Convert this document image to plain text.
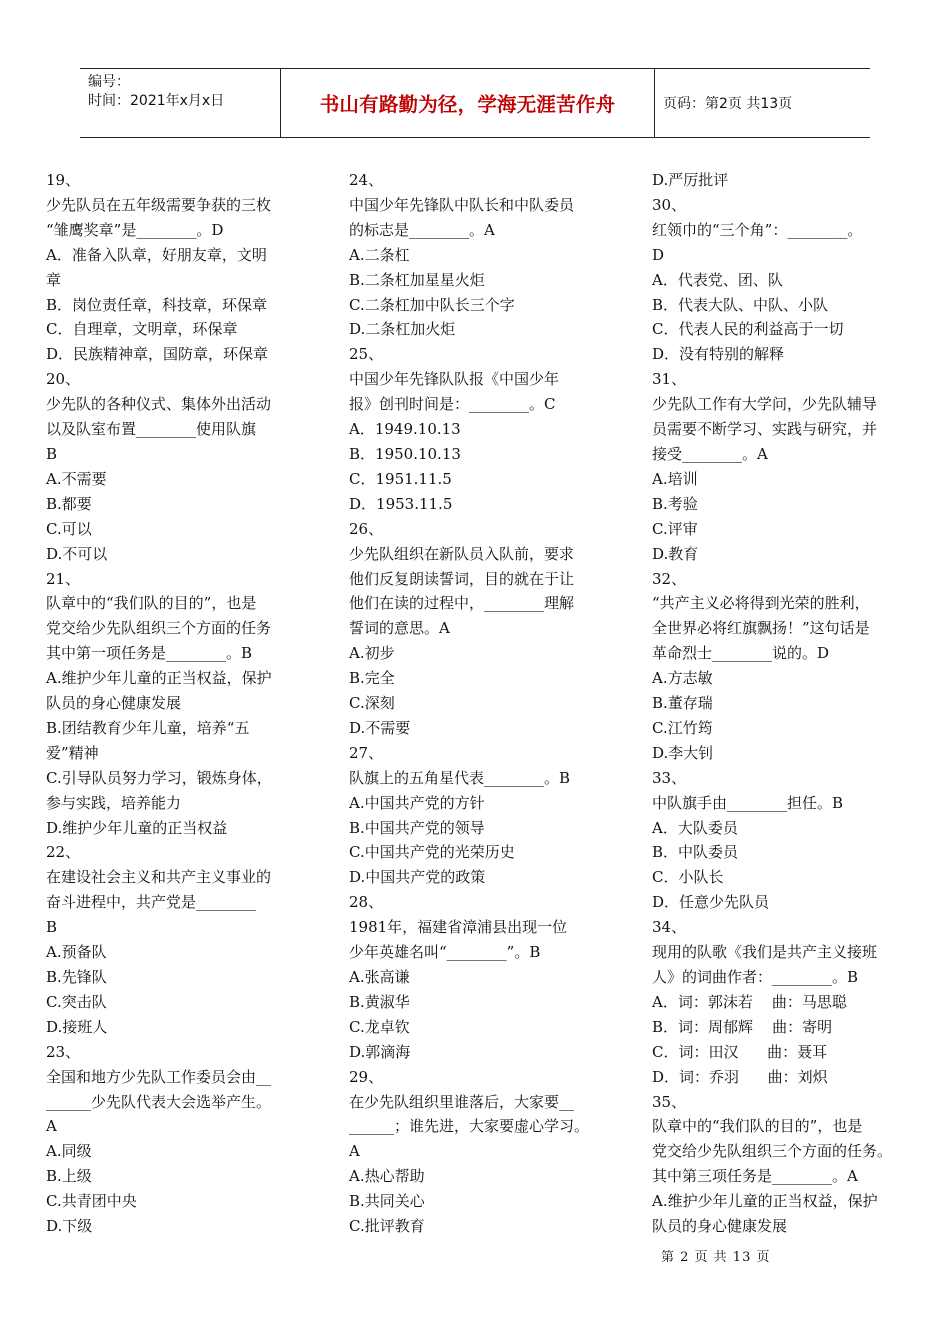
编号：
时间：2021年x月x日	书山有路勤为径，学海无涯苦作舟	页码：第2页 共13页
19、
少先队员在五年级需要争获的三枚
“雏鹰奖章”是________。D
A．准备入队章，好朋友章，文明
章
B．岗位责任章，科技章，环保章
C．自理章，文明章，环保章
D．民族精神章，国防章，环保章
20、
少先队的各种仪式、集体外出活动
以及队室布置________使用队旗
B
A.不需要
B.都要
C.可以
D.不可以
21、
队章中的“我们队的目的”，也是
党交给少先队组织三个方面的任务
其中第一项任务是________。B
A.维护少年儿童的正当权益，保护
队员的身心健康发展
B.团结教育少年儿童，培养“五
爱”精神
C.引导队员努力学习，锻炼身体，
参与实践，培养能力
D.维护少年儿童的正当权益
22、
在建设社会主义和共产主义事业的
奋斗进程中，共产党是________
B
A.预备队
B.先锋队
C.突击队
D.接班人
23、
全国和地方少先队工作委员会由__
______少先队代表大会选举产生。
A
A.同级
B.上级
C.共青团中央
D.下级
24、
中国少年先锋队中队长和中队委员
的标志是________。A
A.二条杠
B.二条杠加星星火炬
C.二条杠加中队长三个字
D.二条杠加火炬
25、
中国少年先锋队队报《中国少年
报》创刊时间是：________。C
A．1949.10.13
B．1950.10.13
C．1951.11.5
D．1953.11.5
26、
少先队组织在新队员入队前，要求
他们反复朗读誓词，目的就在于让
他们在读的过程中，________理解
誓词的意思。A
A.初步
B.完全
C.深刻
D.不需要
27、
队旗上的五角星代表________。B
A.中国共产党的方针
B.中国共产党的领导
C.中国共产党的光荣历史
D.中国共产党的政策
28、
1981年，福建省漳浦县出现一位
少年英雄名叫“________”。B
A.张高谦
B.黄淑华
C.龙卓钦
D.郭滴海
29、
在少先队组织里谁落后，大家要__
______；谁先进，大家要虚心学习。
A
A.热心帮助
B.共同关心
C.批评教育
D.严厉批评
30、
红领巾的“三个角”：________。
D
A．代表党、团、队
B．代表大队、中队、小队
C．代表人民的利益高于一切
D．没有特别的解释
31、
少先队工作有大学问，少先队辅导
员需要不断学习、实践与研究，并
接受________。A
A.培训
B.考验
C.评审
D.教育
32、
“共产主义必将得到光荣的胜利，
全世界必将红旗飘扬！”这句话是
革命烈士________说的。D
A.方志敏
B.董存瑞
C.江竹筠
D.李大钊
33、
中队旗手由________担任。B
A．大队委员
B．中队委员
C．小队长
D．任意少先队员
34、
现用的队歌《我们是共产主义接班
人》的词曲作者：________。B
A．词：郭沫若    曲：马思聪
B．词：周郁辉    曲：寄明
C．词：田汉      曲：聂耳
D．词：乔羽      曲：刘炽
35、
队章中的“我们队的目的”，也是
党交给少先队组织三个方面的任务。
其中第三项任务是________。A
A.维护少年儿童的正当权益，保护
队员的身心健康发展
第 2 页 共 13 页
